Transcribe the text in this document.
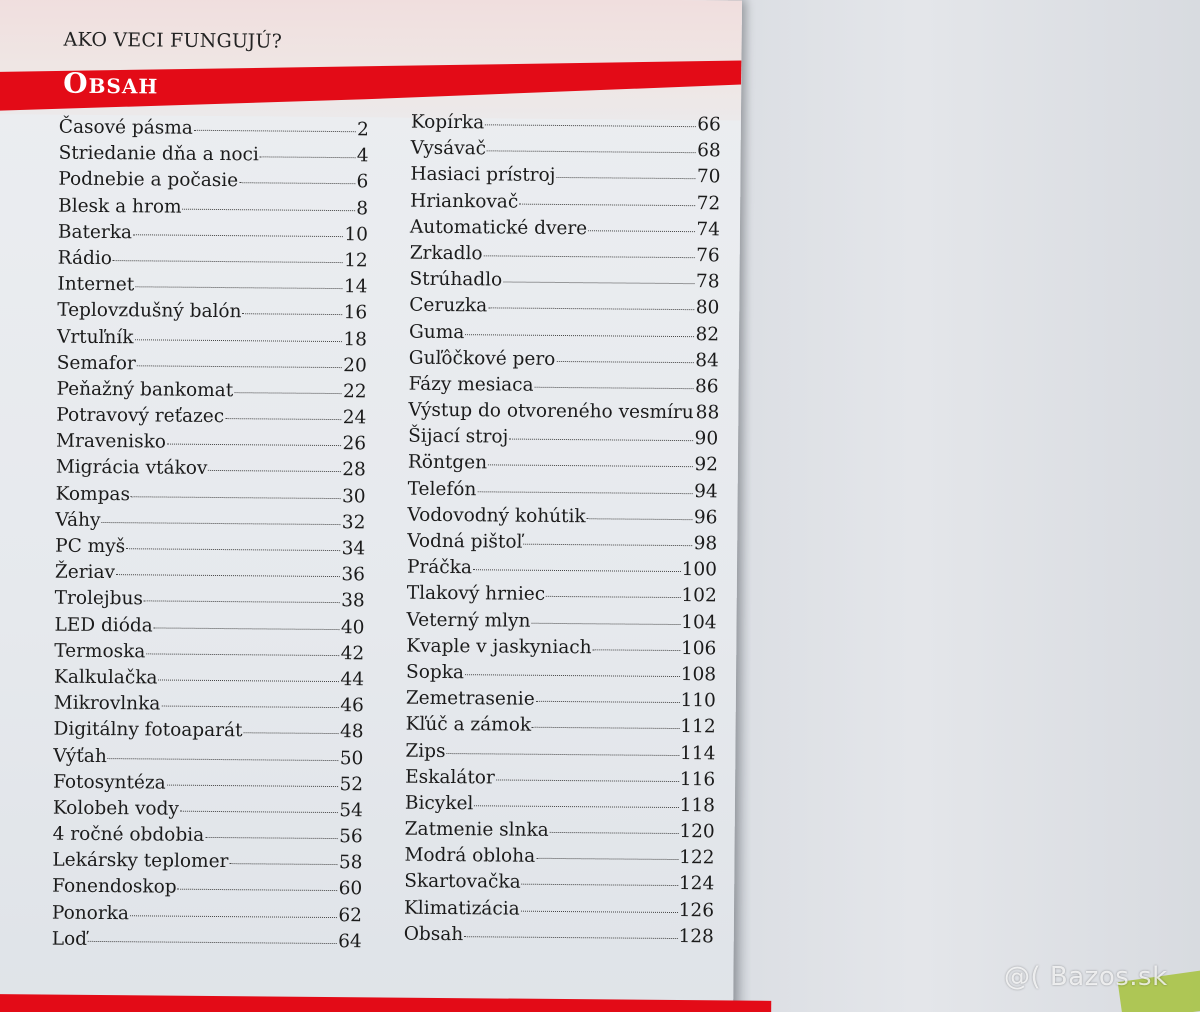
AKO VECI FUNGUJÚ?
Obsah
Časové pásma	2
Striedanie dňa a noci	4
Podnebie a počasie	6
Blesk a hrom	8
Baterka	10
Rádio	12
Internet	14
Teplovzdušný balón	16
Vrtuľník	18
Semafor	20
Peňažný bankomat	22
Potravový reťazec	24
Mravenisko	26
Migrácia vtákov	28
Kompas	30
Váhy	32
PC myš	34
Žeriav	36
Trolejbus	38
LED dióda	40
Termoska	42
Kalkulačka	44
Mikrovlnka	46
Digitálny fotoaparát	48
Výťah	50
Fotosyntéza	52
Kolobeh vody	54
4 ročné obdobia	56
Lekársky teplomer	58
Fonendoskop	60
Ponorka	62
Loď	64
Kopírka	66
Vysávač	68
Hasiaci prístroj	70
Hriankovač	72
Automatické dvere	74
Zrkadlo	76
Strúhadlo	78
Ceruzka	80
Guma	82
Guľôčkové pero	84
Fázy mesiaca	86
Výstup do otvoreného vesmíru 88
Šijací stroj	90
Röntgen	92
Telefón	94
Vodovodný kohútik	96
Vodná pištoľ	98
Práčka	100
Tlakový hrniec	102
Veterný mlyn	104
Kvaple v jaskyniach	106
Sopka	108
Zemetrasenie	110
Kľúč a zámok	112
Zips	114
Eskalátor	116
Bicykel	118
Zatmenie slnka	120
Modrá obloha	122
Skartovačka	124
Klimatizácia	126
Obsah	128
@( Bazos.sk
